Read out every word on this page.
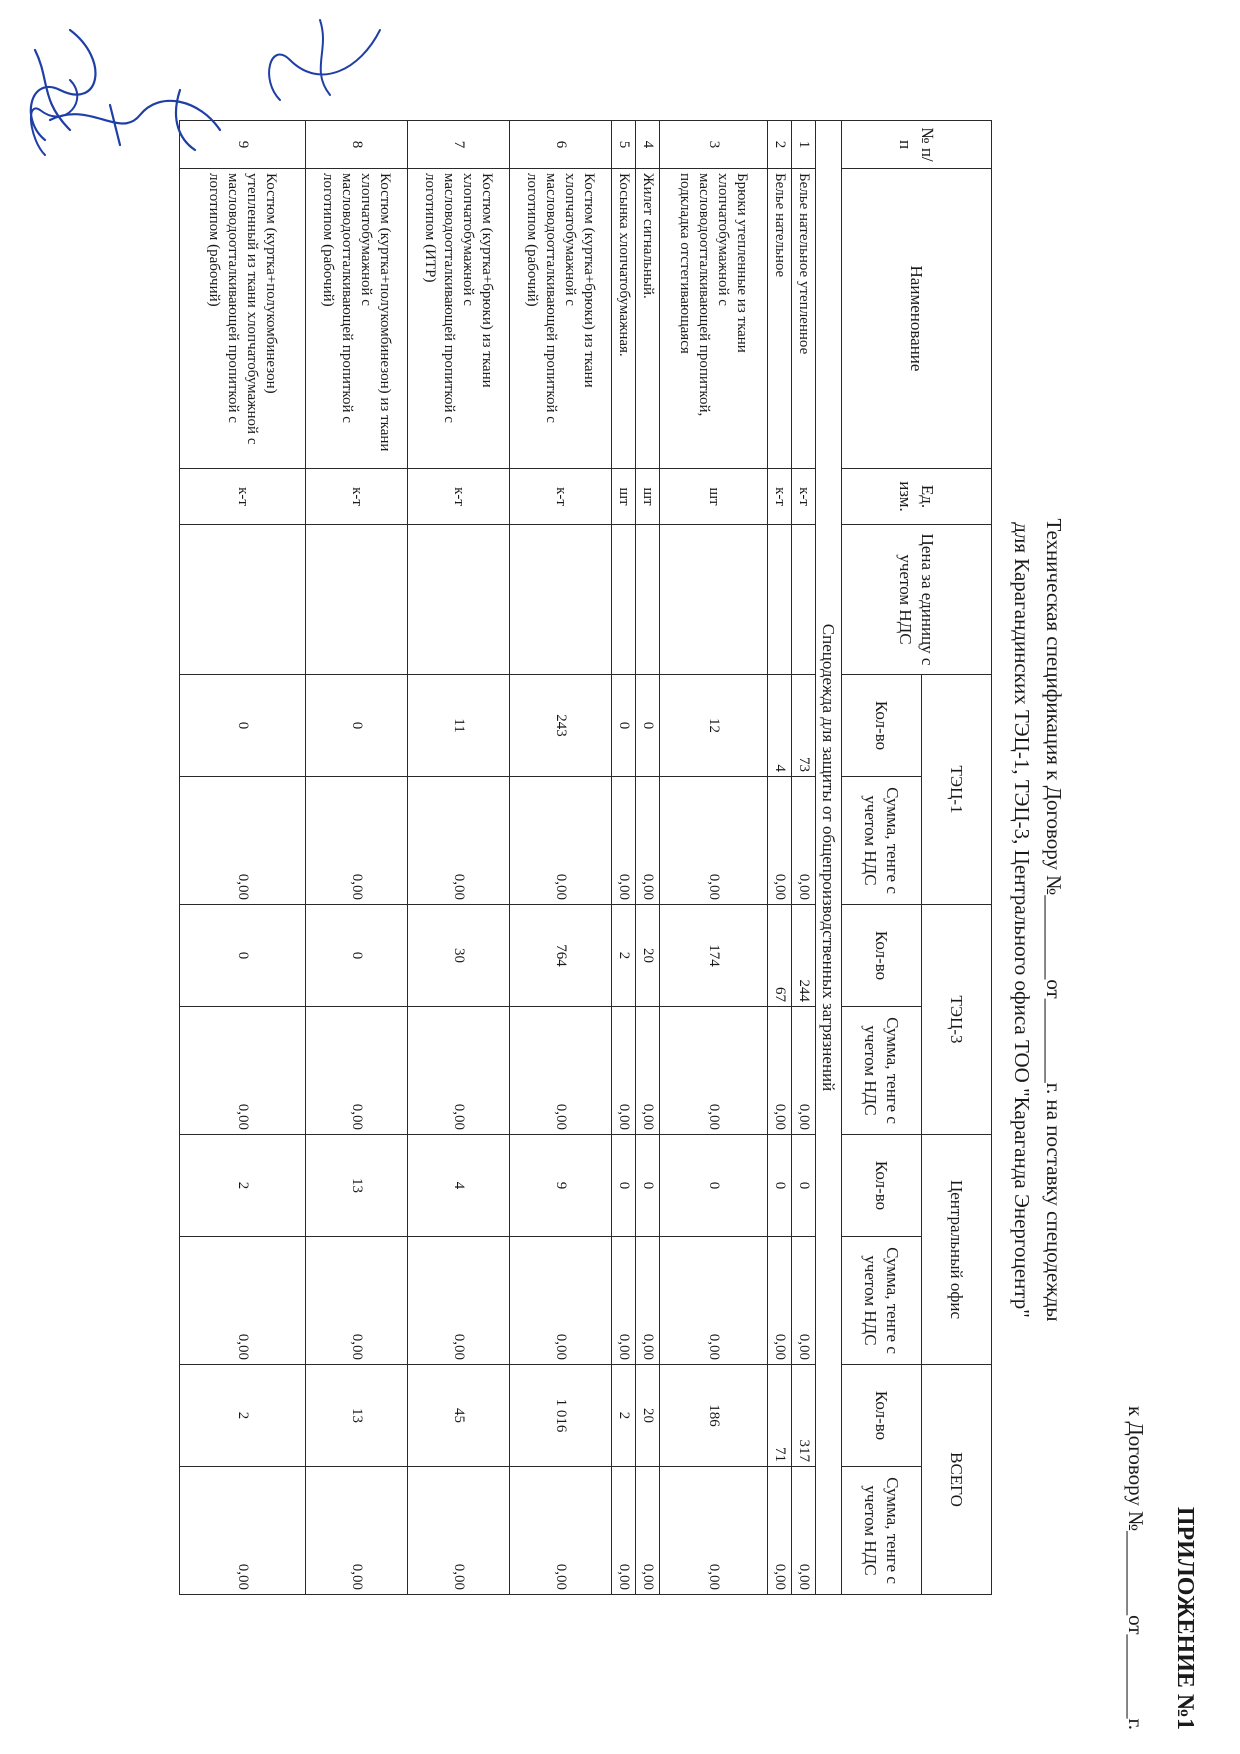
ПРИЛОЖЕНИЕ №1
к Договору №________от________г.
Техническая спецификация к Договору №________от________г. на поставку спецодежды
для Карагандинских ТЭЦ-1, ТЭЦ-3, Центрального офиса ТОО "Караганда Энергоцентр"
№ п/п	Наименование	Ед. изм.	Цена за единицу с учетом НДС	ТЭЦ-1		ТЭЦ-3		Центральный офис		ВСЕГО	
				Кол-во	Сумма, тенге с учетом НДС	Кол-во	Сумма, тенге с учетом НДС	Кол-во	Сумма, тенге с учетом НДС	Кол-во	Сумма, тенге с учетом НДС
Спецодежда для защиты от общепроизводственных загрязнений											
1	Белье нательное утепленное	к-т		73	0,00	244	0,00	0	0,00	317	0,00
2	Белье нательное	к-т		4	0,00	67	0,00	0	0,00	71	0,00
3	Брюки утепленные из ткани хлопчатобумажной с масловодоотталкивающей пропиткой, подкладка отстегивающаяся	шт		12	0,00	174	0,00	0	0,00	186	0,00
4	Жилет сигнальный.	шт		0	0,00	20	0,00	0	0,00	20	0,00
5	Косынка хлопчатобумажная.	шт		0	0,00	2	0,00	0	0,00	2	0,00
6	Костюм (куртка+брюки) из ткани хлопчатобумажной с масловодоотталкивающей пропиткой с логотипом (рабочий)	к-т		243	0,00	764	0,00	9	0,00	1 016	0,00
7	Костюм (куртка+брюки) из ткани хлопчатобумажной с масловодоотталкивающей пропиткой с логотипом (ИТР)	к-т		11	0,00	30	0,00	4	0,00	45	0,00
8	Костюм (куртка+полукомбинезон) из ткани хлопчатобумажной с масловодоотталкивающей пропиткой с логотипом (рабочий)	к-т		0	0,00	0	0,00	13	0,00	13	0,00
9	Костюм (куртка+полукомбинезон) утепленный из ткани хлопчатобумажной с масловодоотталкивающей пропиткой с логотипом (рабочий)	к-т		0	0,00	0	0,00	2	0,00	2	0,00
